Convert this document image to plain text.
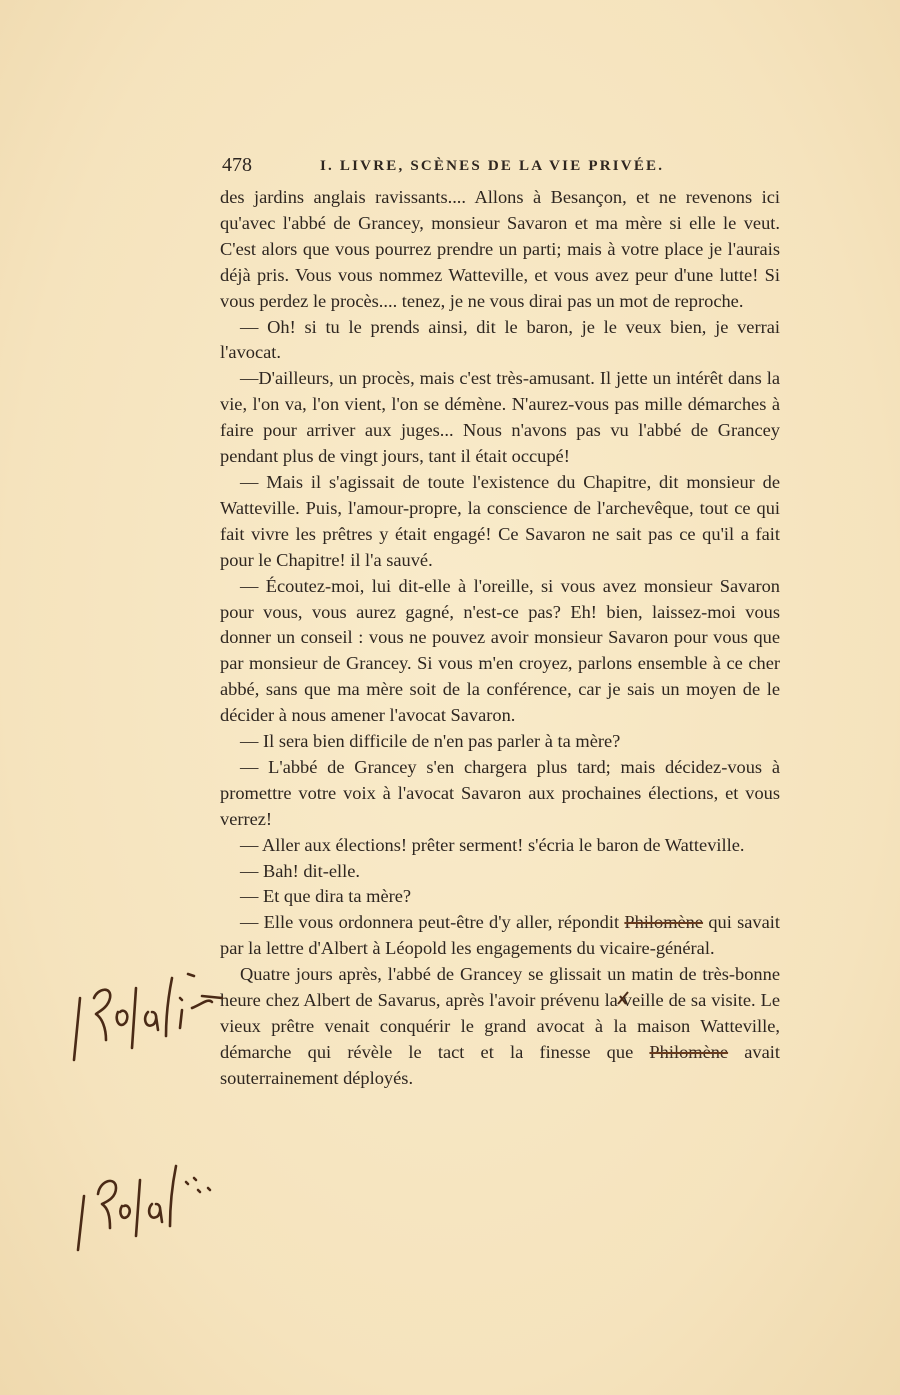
478	I. LIVRE, SCÈNES DE LA VIE PRIVÉE.

des jardins anglais ravissants.... Allons à Besançon, et ne revenons ici qu'avec l'abbé de Grancey, monsieur Savaron et ma mère si elle le veut. C'est alors que vous pourrez prendre un parti; mais à votre place je l'aurais déjà pris. Vous vous nommez Watteville, et vous avez peur d'une lutte! Si vous perdez le procès.... tenez, je ne vous dirai pas un mot de reproche.

— Oh! si tu le prends ainsi, dit le baron, je le veux bien, je verrai l'avocat.

—D'ailleurs, un procès, mais c'est très-amusant. Il jette un intérêt dans la vie, l'on va, l'on vient, l'on se démène. N'aurez-vous pas mille démarches à faire pour arriver aux juges... Nous n'avons pas vu l'abbé de Grancey pendant plus de vingt jours, tant il était occupé!

— Mais il s'agissait de toute l'existence du Chapitre, dit monsieur de Watteville. Puis, l'amour-propre, la conscience de l'archevêque, tout ce qui fait vivre les prêtres y était engagé! Ce Savaron ne sait pas ce qu'il a fait pour le Chapitre! il l'a sauvé.

— Écoutez-moi, lui dit-elle à l'oreille, si vous avez monsieur Savaron pour vous, vous aurez gagné, n'est-ce pas? Eh! bien, laissez-moi vous donner un conseil : vous ne pouvez avoir monsieur Savaron pour vous que par monsieur de Grancey. Si vous m'en croyez, parlons ensemble à ce cher abbé, sans que ma mère soit de la conférence, car je sais un moyen de le décider à nous amener l'avocat Savaron.

— Il sera bien difficile de n'en pas parler à ta mère?

— L'abbé de Grancey s'en chargera plus tard; mais décidez-vous à promettre votre voix à l'avocat Savaron aux prochaines élections, et vous verrez!

— Aller aux élections! prêter serment! s'écria le baron de Watteville.

— Bah! dit-elle.

— Et que dira ta mère?

— Elle vous ordonnera peut-être d'y aller, répondit Philomène qui savait par la lettre d'Albert à Léopold les engagements du vicaire-général.

Quatre jours après, l'abbé de Grancey se glissait un matin de très-bonne heure chez Albert de Savarus, après l'avoir prévenu la veille de sa visite. Le vieux prêtre venait conquérir le grand avocat à la maison Watteville, démarche qui révèle le tact et la finesse que Philomène avait souterrainement déployés.
